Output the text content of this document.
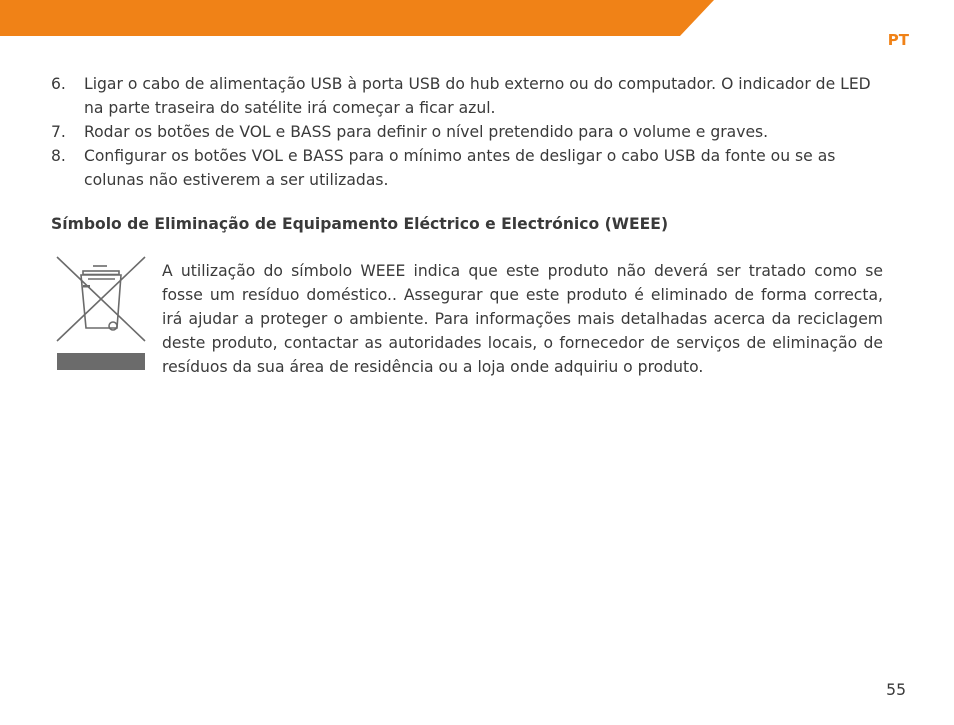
PT
6.	Ligar o cabo de alimentação USB à porta USB do hub externo ou do computador. O indicador de LED na parte traseira do satélite irá começar a ficar azul.
7.	Rodar os botões de VOL e BASS para definir o nível pretendido para o volume e graves.
8.	Configurar os botões VOL e BASS para o mínimo antes de desligar o cabo USB da fonte ou se as colunas não estiverem a ser utilizadas.
Símbolo de Eliminação de Equipamento Eléctrico e Electrónico (WEEE)

A utilização do símbolo WEEE indica que este produto não deverá ser tratado como se fosse um resíduo doméstico.. Assegurar que este produto é eliminado de forma correcta, irá ajudar a proteger o ambiente. Para informações mais detalhadas acerca da reciclagem deste produto, contactar as autoridades locais, o fornecedor de serviços de eliminação de resíduos da sua área de residência ou a loja onde adquiriu o produto.

55
